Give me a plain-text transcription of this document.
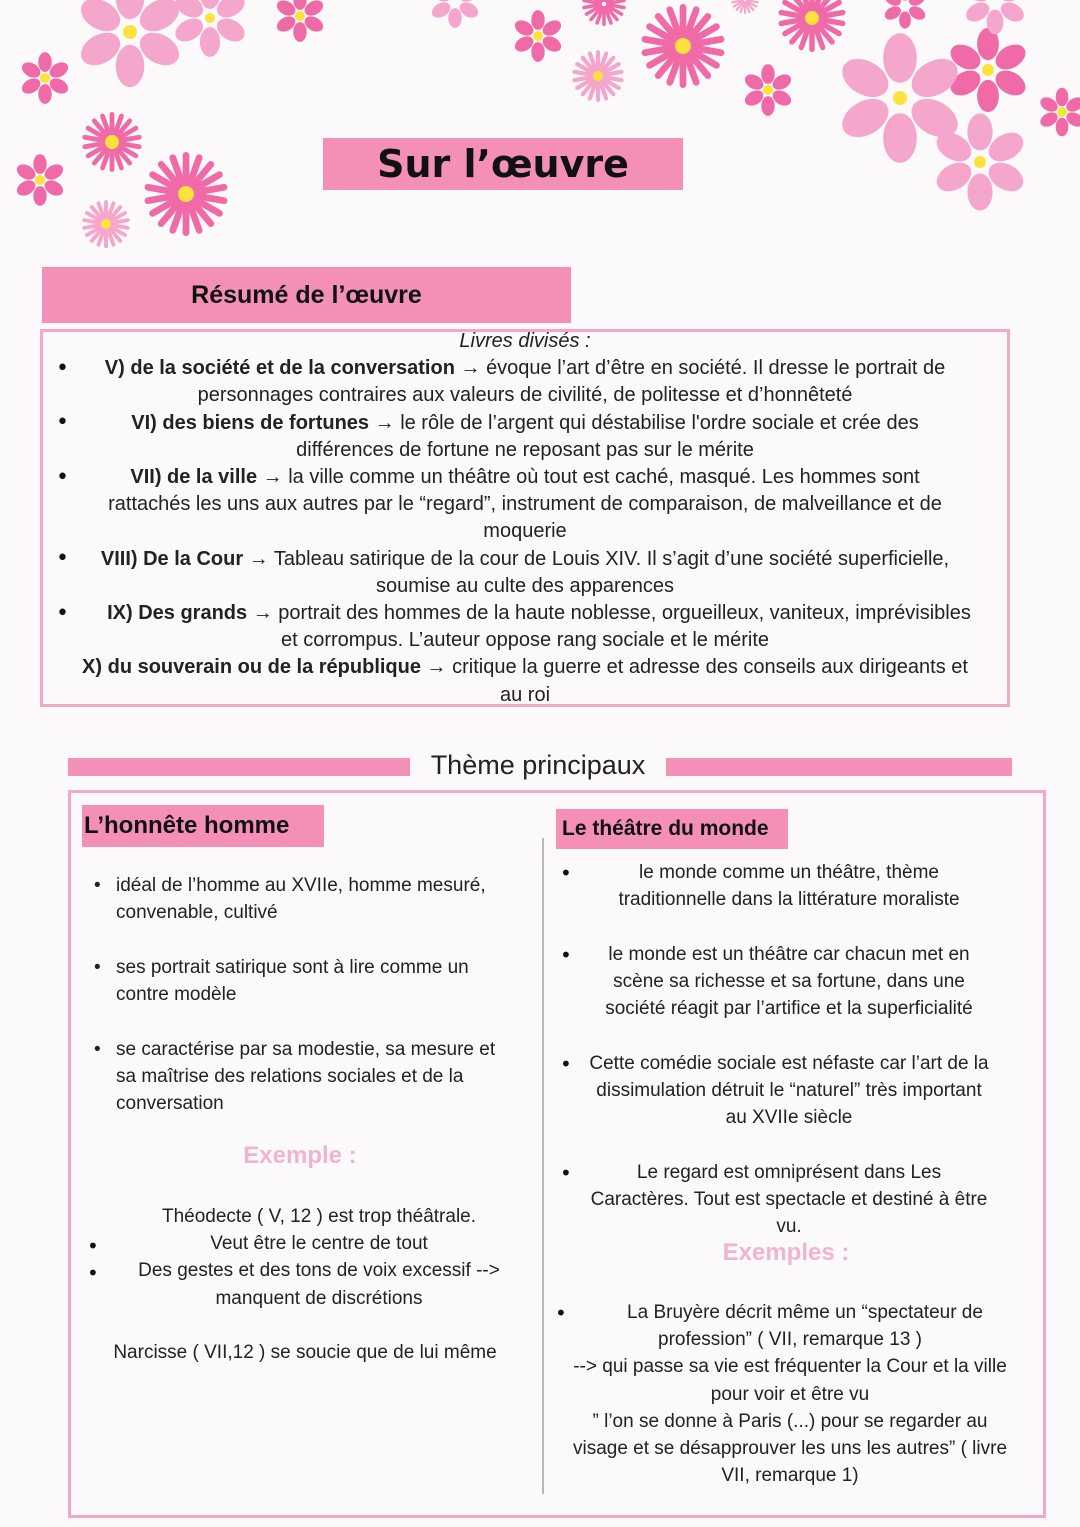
Sur l’œuvre
Résumé de l’œuvre
•
•
•
•
•

Livres divisés :

V) de la société et de la conversation → évoque l’art d’être en société. Il dresse le portrait de

personnages contraires aux valeurs de civilité, de politesse et d’honnêteté

VI) des biens de fortunes → le rôle de l’argent qui déstabilise l'ordre sociale et crée des

différences de fortune ne reposant pas sur le mérite

VII) de la ville → la ville comme un théâtre où tout est caché, masqué. Les hommes sont

rattachés les uns aux autres par le “regard”, instrument de comparaison, de malveillance et de

moquerie

VIII) De la Cour → Tableau satirique de la cour de Louis XIV. Il s’agit d’une société superficielle,

soumise au culte des apparences

IX) Des grands → portrait des hommes de la haute noblesse, orgueilleux, vaniteux, imprévisibles

et corrompus. L’auteur oppose rang sociale et le mérite

X) du souverain ou de la république → critique la guerre et adresse des conseils aux dirigeants et

au roi

Thème principaux
L’honnête homme
• idéal de l’homme au XVIIe, homme mesuré,

convenable, cultivé

• ses portrait satirique sont à lire comme un

contre modèle

• se caractérise par sa modestie, sa mesure et

sa maîtrise des relations sociales et de la

conversation

Exemple :
•
•

Théodecte ( V, 12 ) est trop théâtrale.

Veut être le centre de tout

Des gestes et des tons de voix excessif -->

manquent de discrétions

Narcisse ( VII,12 ) se soucie que de lui même
Le théâtre du monde
•	le monde comme un théâtre, thème

traditionnelle dans la littérature moraliste

•	le monde est un théâtre car chacun met en

scène sa richesse et sa fortune, dans une

société réagit par l’artifice et la superficialité

• Cette comédie sociale est néfaste car l’art de la

dissimulation détruit le “naturel” très important

au XVIIe siècle

•	Le regard est omniprésent dans Les

Caractères. Tout est spectacle et destiné à être

vu.

Exemples :
•	La Bruyère décrit même un “spectateur de

profession” ( VII, remarque 13 )

--> qui passe sa vie est fréquenter la Cour et la ville

pour voir et être vu

” l’on se donne à Paris (...) pour se regarder au

visage et se désapprouver les uns les autres” ( livre

VII, remarque 1)
